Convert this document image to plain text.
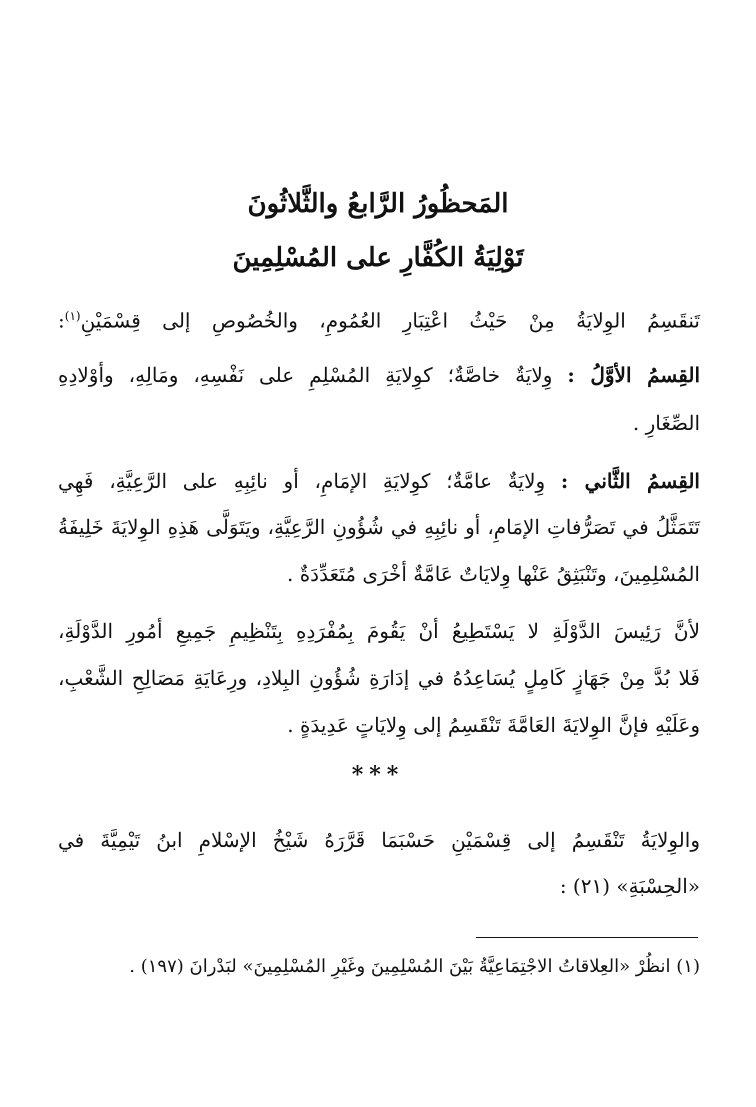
المَحظُورُ الرَّابعُ والثَّلاثُونَ
تَوْلِيَةُ الكُفَّارِ على المُسْلِمِينَ
تَنقَسِمُ الوِلايَةُ مِنْ حَيْثُ اعْتِبَارِ العُمُومِ، والخُصُوصِ إلى قِسْمَيْنِ$^{(١)}$:
القِسمُ الأوَّلُ : وِلايَةٌ خاصَّةٌ؛ كوِلايَةِ المُسْلِمِ على نَفْسِهِ، ومَالِهِ، وأوْلادِهِ
الصِّغَارِ .
القِسمُ الثَّاني : وِلايَةٌ عامَّةٌ؛ كوِلايَةِ الإمَامِ، أو نائِبِهِ علی الرَّعِيَّةِ، فَهِي
تَتَمَثَّلُ في تَصَرُّفاتِ الإمَامِ، أو نائِبِهِ في شُؤُونِ الرَّعِيَّةِ، ويَتَوَلَّى هَذِهِ الوِلايَةَ خَلِيفَةُ
المُسْلِمِينَ، وتَنْبَثِقُ عَنْها وِلايَاتٌ عَامَّةٌ أخْرَى مُتَعَدِّدَةٌ .
لأنَّ رَئِيسَ الدَّوْلَةِ لا يَسْتَطِيعُ أنْ يَقُومَ بِمُفْرَدِهِ بِتَنْظِيمِ جَمِيعِ أمُورِ الدَّوْلَةِ،
فَلا بُدَّ مِنْ جَهَازٍ كَامِلٍ يُسَاعِدُهُ في إدَارَةِ شُؤُونِ البِلادِ، ورِعَايَةِ مَصَالِحِ الشَّعْبِ،
وعَلَيْهِ فإنَّ الوِلايَةَ العَامَّةَ تَنْقَسِمُ إلى وِلايَاتٍ عَدِيدَةٍ .
***
والوِلايَةُ تَنْقَسِمُ إلى قِسْمَيْنِ حَسْبَمَا قَرَّرَهُ شَيْخُ الإسْلامِ ابنُ تَيْمِيَّةَ في
«الحِسْبَةِ» (٢١) :
(١) انظُرْ «العِلاقاتُ الاجْتِمَاعِيَّةُ بَيْنَ المُسْلِمِينَ وغَيْرِ المُسْلِمِينَ» لبَدْرانَ (١٩٧) .
